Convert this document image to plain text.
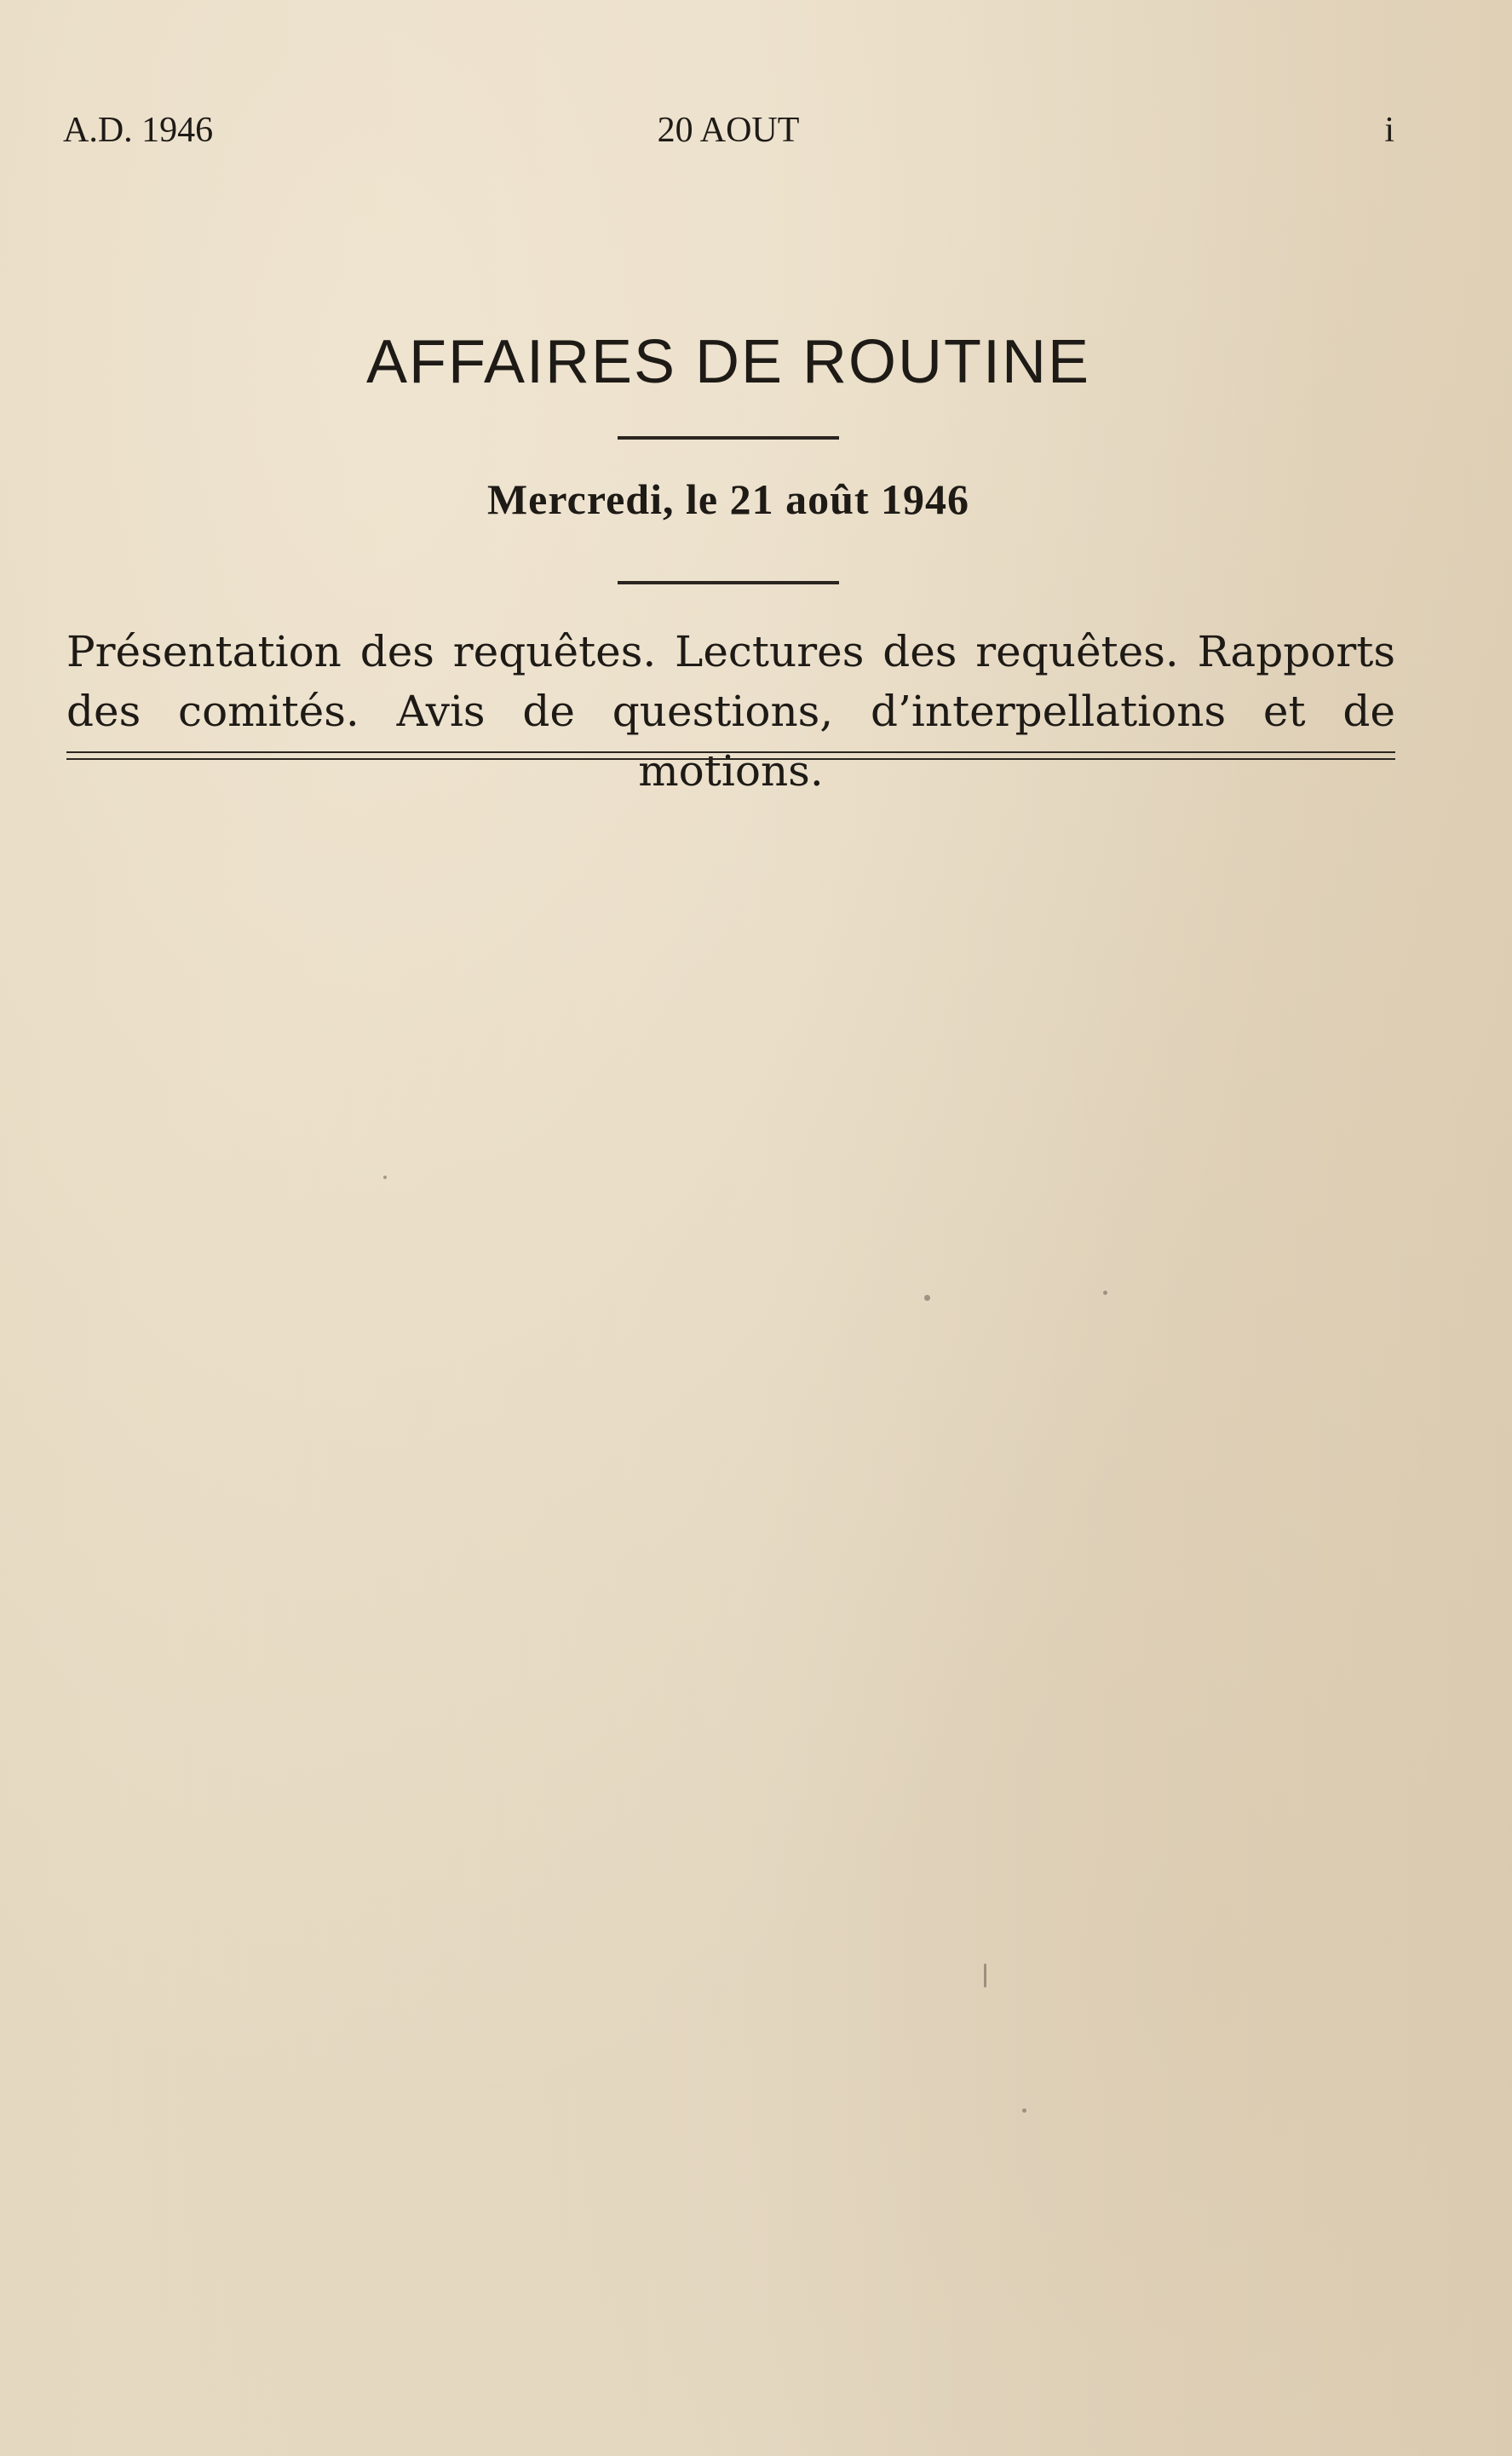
A.D. 1946	20 AOUT	i
AFFAIRES DE ROUTINE
Mercredi, le 21 août 1946
Présentation des requêtes. Lectures des requêtes. Rapports des comités. Avis de questions, d’interpellations et de motions.
